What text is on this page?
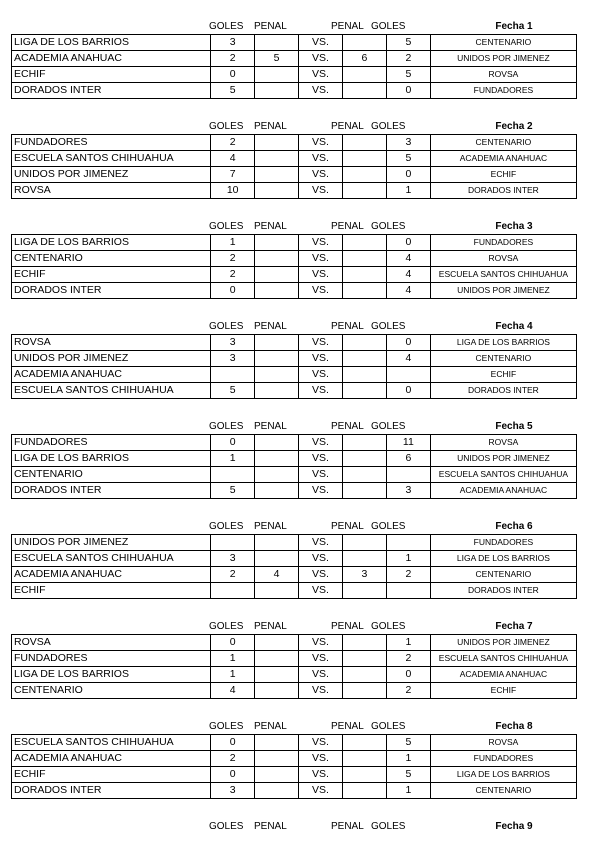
GOLES PENAL	PENAL GOLES	Fecha 1
LIGA DE LOS BARRIOS	3		VS.		5	CENTENARIO
ACADEMIA ANAHUAC	2	5	VS.	6	2	UNIDOS POR JIMENEZ
ECHIF	0		VS.		5	ROVSA
DORADOS INTER	5		VS.		0	FUNDADORES
GOLES PENAL	PENAL GOLES	Fecha 2
FUNDADORES	2		VS.		3	CENTENARIO
ESCUELA SANTOS CHIHUAHUA	4		VS.		5	ACADEMIA ANAHUAC
UNIDOS POR JIMENEZ	7		VS.		0	ECHIF
ROVSA	10		VS.		1	DORADOS INTER
GOLES PENAL	PENAL GOLES	Fecha 3
LIGA DE LOS BARRIOS	1		VS.		0	FUNDADORES
CENTENARIO	2		VS.		4	ROVSA
ECHIF	2		VS.		4	ESCUELA SANTOS CHIHUAHUA
DORADOS INTER	0		VS.		4	UNIDOS POR JIMENEZ
GOLES PENAL	PENAL GOLES	Fecha 4
ROVSA	3		VS.		0	LIGA DE LOS BARRIOS
UNIDOS POR JIMENEZ	3		VS.		4	CENTENARIO
ACADEMIA ANAHUAC			VS.			ECHIF
ESCUELA SANTOS CHIHUAHUA	5		VS.		0	DORADOS INTER
GOLES PENAL	PENAL GOLES	Fecha 5
FUNDADORES	0		VS.		11	ROVSA
LIGA DE LOS BARRIOS	1		VS.		6	UNIDOS POR JIMENEZ
CENTENARIO			VS.			ESCUELA SANTOS CHIHUAHUA
DORADOS INTER	5		VS.		3	ACADEMIA ANAHUAC
GOLES PENAL	PENAL GOLES	Fecha 6
UNIDOS POR JIMENEZ			VS.			FUNDADORES
ESCUELA SANTOS CHIHUAHUA	3		VS.		1	LIGA DE LOS BARRIOS
ACADEMIA ANAHUAC	2	4	VS.	3	2	CENTENARIO
ECHIF			VS.			DORADOS INTER
GOLES PENAL	PENAL GOLES	Fecha 7
ROVSA	0		VS.		1	UNIDOS POR JIMENEZ
FUNDADORES	1		VS.		2	ESCUELA SANTOS CHIHUAHUA
LIGA DE LOS BARRIOS	1		VS.		0	ACADEMIA ANAHUAC
CENTENARIO	4		VS.		2	ECHIF
GOLES PENAL	PENAL GOLES	Fecha 8
ESCUELA SANTOS CHIHUAHUA	0		VS.		5	ROVSA
ACADEMIA ANAHUAC	2		VS.		1	FUNDADORES
ECHIF	0		VS.		5	LIGA DE LOS BARRIOS
DORADOS INTER	3		VS.		1	CENTENARIO
GOLES PENAL	PENAL GOLES	Fecha 9
